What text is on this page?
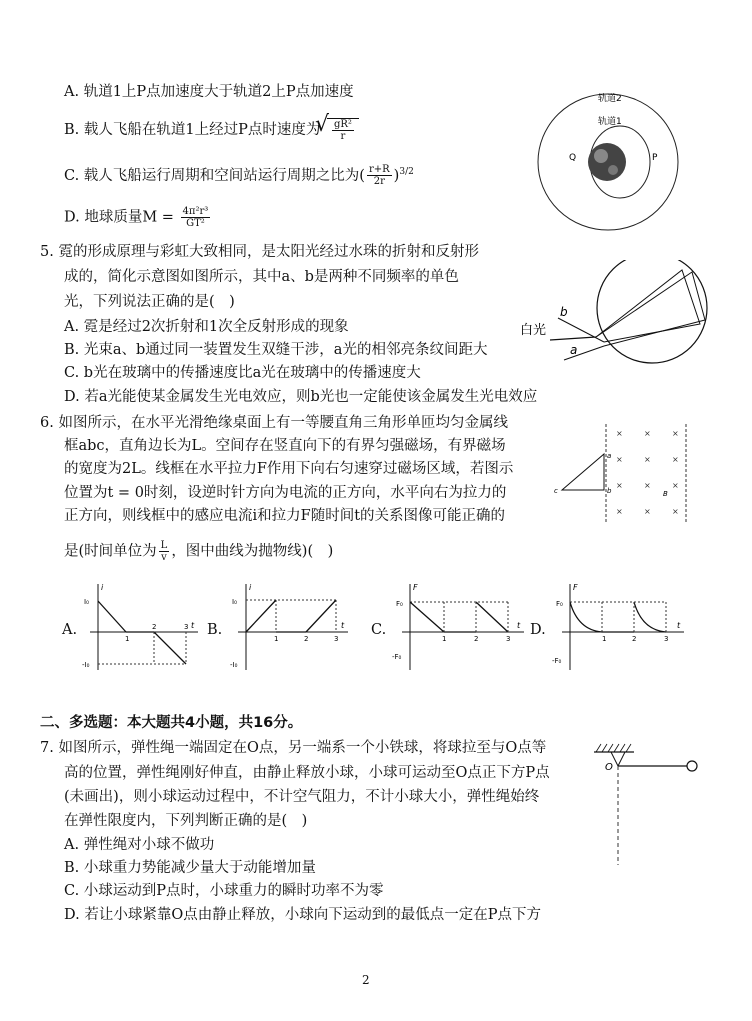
A. 轨道1上P点加速度大于轨道2上P点加速度
B. 载人飞船在轨道1上经过P点时速度为
√ $\frac{\text{gR²}}{r}$
C. 载人飞船运行周期和空间站运行周期之比为( $\frac{r+R}{2r} )^{3/2}$
D. 地球质量$M = \frac{\text{4π²r³}}{\text{GT²}}$
轨道2
轨道1
Q	P
5. 霓的形成原理与彩虹大致相同，是太阳光经过水珠的折射和反射形
成的，简化示意图如图所示，其中a、b是两种不同频率的单色
光，下列说法正确的是(　)
A. 霓是经过2次折射和1次全反射形成的现象
B. 光束a、b通过同一装置发生双缝干涉，a光的相邻亮条纹间距大
C. b光在玻璃中的传播速度比a光在玻璃中的传播速度大
D. 若a光能使某金属发生光电效应，则b光也一定能使该金属发生光电效应
白光
b
a
6. 如图所示，在水平光滑绝缘桌面上有一等腰直角三角形单匝均匀金属线
框abc，直角边长为L。空间存在竖直向下的有界匀强磁场，有界磁场
的宽度为2L。线框在水平拉力F作用下向右匀速穿过磁场区域，若图示
位置为t = 0时刻，设逆时针方向为电流的正方向，水平向右为拉力的
正方向，则线框中的感应电流i和拉力F随时间t的关系图像可能正确的
是(时间单位为 $\frac{L}{v}$ ，图中曲线为抛物线)(　)
×	×	×
×	×	×
×	×	×
×	×	×
a
b
c	B
A.	B.	C.	D.
i
I₀
-I₀
t
1
2	3
i
I₀
-I₀
t
1	2	3
F
F₀
-F₀
t
1	2	3
F
F₀
-F₀
t
1	2	3
二、多选题：本大题共4小题，共16分。
7. 如图所示，弹性绳一端固定在O点，另一端系一个小铁球，将球拉至与O点等
高的位置，弹性绳刚好伸直，由静止释放小球，小球可运动至O点正下方P点
(未画出)，则小球运动过程中，不计空气阻力，不计小球大小，弹性绳始终
在弹性限度内，下列判断正确的是(　)
A. 弹性绳对小球不做功
B. 小球重力势能减少量大于动能增加量
C. 小球运动到P点时，小球重力的瞬时功率不为零
D. 若让小球紧靠O点由静止释放，小球向下运动到的最低点一定在P点下方
O
2
